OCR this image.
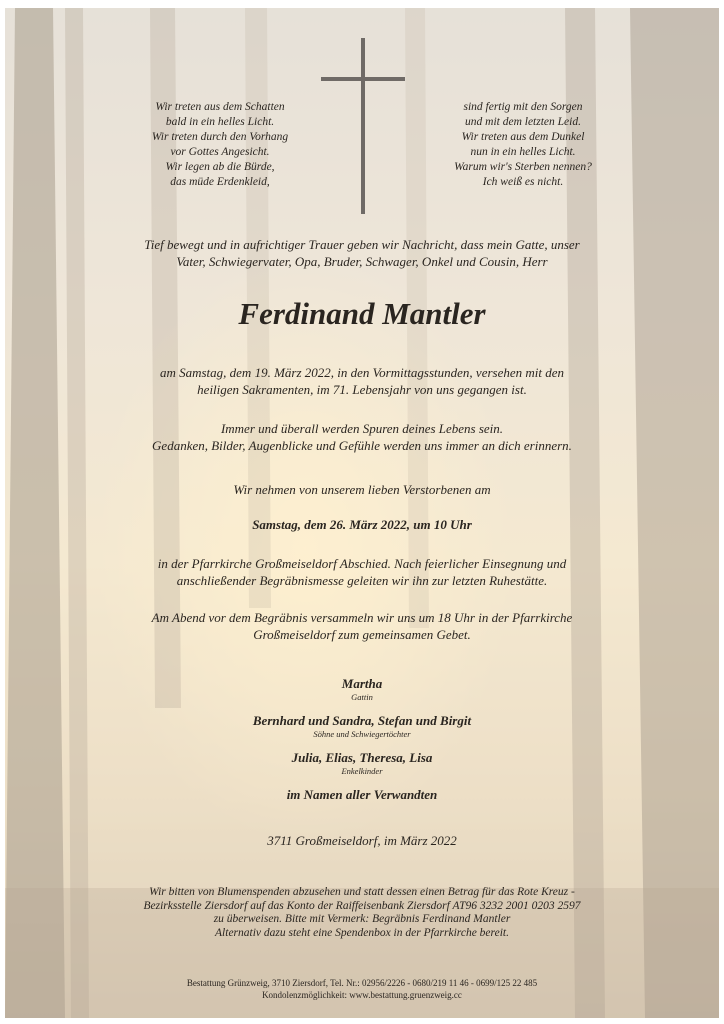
Wir treten aus dem Schatten
bald in ein helles Licht.
Wir treten durch den Vorhang
vor Gottes Angesicht.
Wir legen ab die Bürde,
das müde Erdenkleid,
sind fertig mit den Sorgen
und mit dem letzten Leid.
Wir treten aus dem Dunkel
nun in ein helles Licht.
Warum wir's Sterben nennen?
Ich weiß es nicht.
Tief bewegt und in aufrichtiger Trauer geben wir Nachricht, dass mein Gatte, unser
Vater, Schwiegervater, Opa, Bruder, Schwager, Onkel und Cousin, Herr
Ferdinand Mantler
am Samstag, dem 19. März 2022, in den Vormittagsstunden, versehen mit den
heiligen Sakramenten, im 71. Lebensjahr von uns gegangen ist.
Immer und überall werden Spuren deines Lebens sein.
Gedanken, Bilder, Augenblicke und Gefühle werden uns immer an dich erinnern.
Wir nehmen von unserem lieben Verstorbenen am
Samstag, dem 26. März 2022, um 10 Uhr
in der Pfarrkirche Großmeiseldorf Abschied. Nach feierlicher Einsegnung und
anschließender Begräbnismesse geleiten wir ihn zur letzten Ruhestätte.
Am Abend vor dem Begräbnis versammeln wir uns um 18 Uhr in der Pfarrkirche
Großmeiseldorf zum gemeinsamen Gebet.
Martha
Gattin
Bernhard und Sandra, Stefan und Birgit
Söhne und Schwiegertöchter
Julia, Elias, Theresa, Lisa
Enkelkinder
im Namen aller Verwandten
3711 Großmeiseldorf, im März 2022
Wir bitten von Blumenspenden abzusehen und statt dessen einen Betrag für das Rote Kreuz -
Bezirksstelle Ziersdorf auf das Konto der Raiffeisenbank Ziersdorf AT96 3232 2001 0203 2597
zu überweisen. Bitte mit Vermerk: Begräbnis Ferdinand Mantler
Alternativ dazu steht eine Spendenbox in der Pfarrkirche bereit.
Bestattung Grünzweig, 3710 Ziersdorf, Tel. Nr.: 02956/2226 - 0680/219 11 46 - 0699/125 22 485
Kondolenzmöglichkeit: www.bestattung.gruenzweig.cc
